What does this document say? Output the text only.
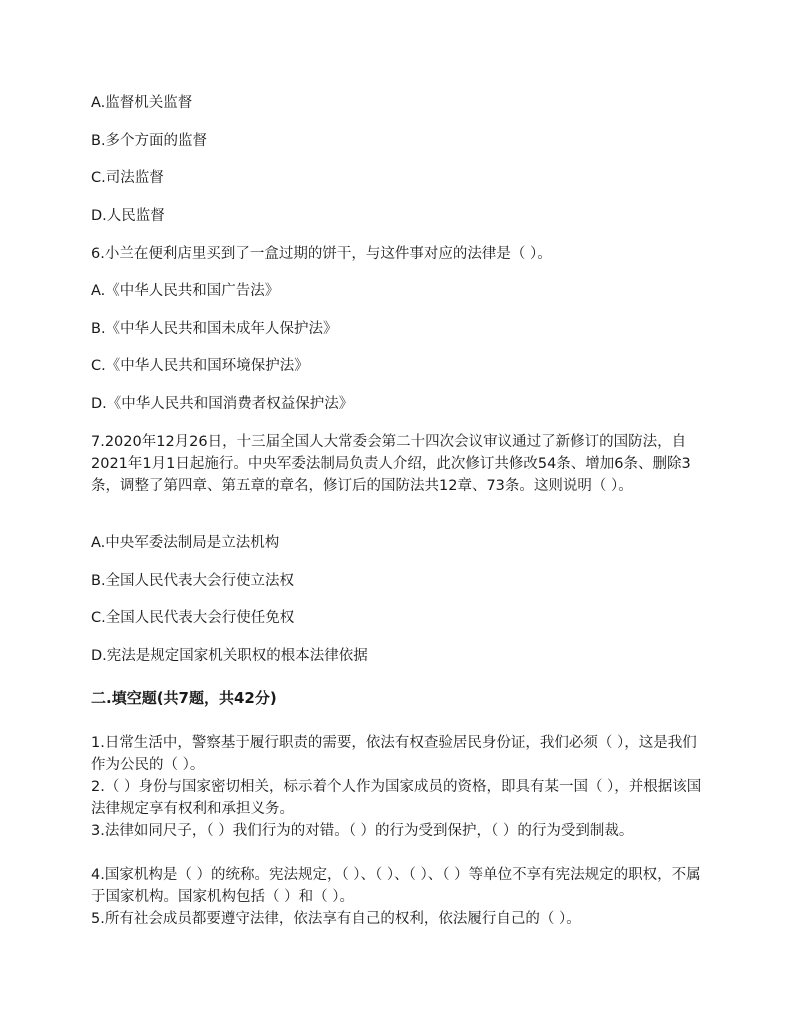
A.监督机关监督
B.多个方面的监督
C.司法监督
D.人民监督
6.小兰在便利店里买到了一盒过期的饼干，与这件事对应的法律是（ ）。
A.《中华人民共和国广告法》
B.《中华人民共和国未成年人保护法》
C.《中华人民共和国环境保护法》
D.《中华人民共和国消费者权益保护法》
7.2020年12月26日，十三届全国人大常委会第二十四次会议审议通过了新修订的国防法，自2021年1月1日起施行。中央军委法制局负责人介绍，此次修订共修改54条、增加6条、删除3条，调整了第四章、第五章的章名，修订后的国防法共12章、73条。这则说明（ ）。
A.中央军委法制局是立法机构
B.全国人民代表大会行使立法权
C.全国人民代表大会行使任免权
D.宪法是规定国家机关职权的根本法律依据
二.填空题(共7题，共42分)
1.日常生活中，警察基于履行职责的需要，依法有权查验居民身份证，我们必须（ ），这是我们作为公民的（ ）。
2.（ ）身份与国家密切相关，标示着个人作为国家成员的资格，即具有某一国（ ），并根据该国法律规定享有权利和承担义务。
3.法律如同尺子，（ ）我们行为的对错。（ ）的行为受到保护，（ ）的行为受到制裁。
4.国家机构是（ ）的统称。宪法规定，（ ）、（ ）、（ ）、（ ）等单位不享有宪法规定的职权，不属于国家机构。国家机构包括（ ）和（ ）。
5.所有社会成员都要遵守法律，依法享有自己的权利，依法履行自己的（ ）。
